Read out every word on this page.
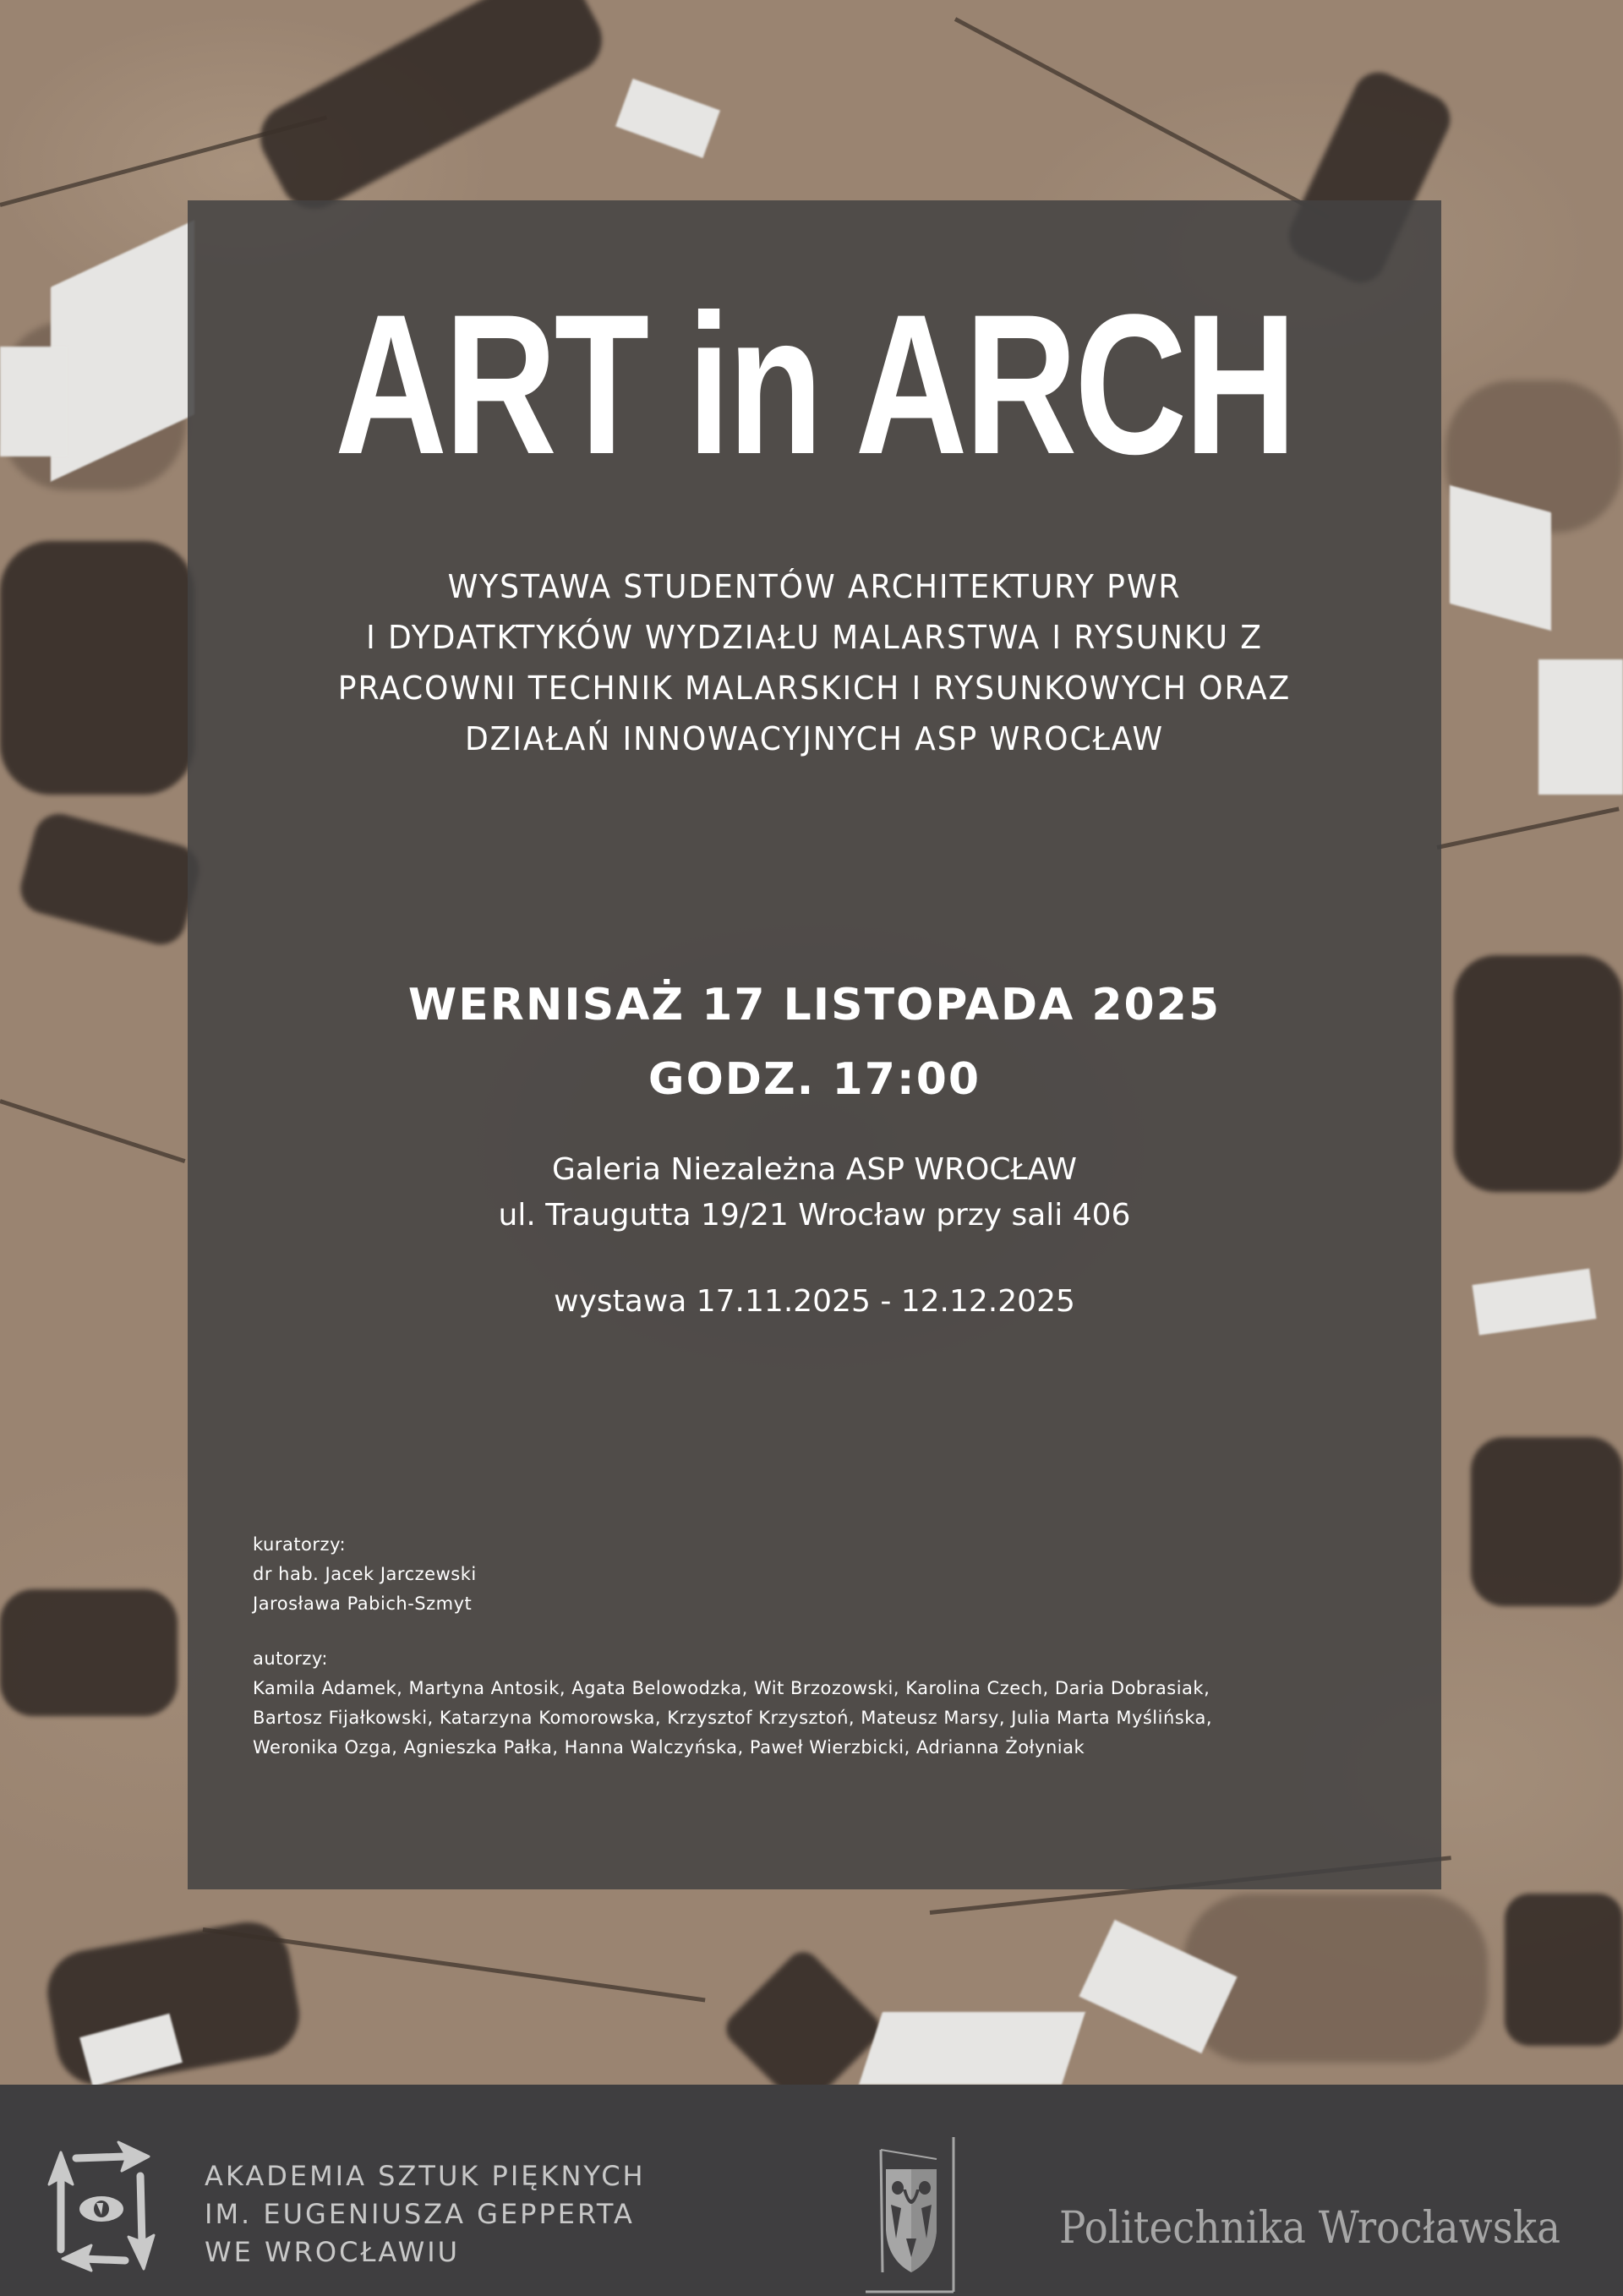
ART in ARCH
WYSTAWA STUDENTÓW ARCHITEKTURY PWR
I DYDATKTYKÓW WYDZIAŁU MALARSTWA I RYSUNKU Z
PRACOWNI TECHNIK MALARSKICH I RYSUNKOWYCH ORAZ
DZIAŁAŃ INNOWACYJNYCH ASP WROCŁAW
WERNISAŻ 17 LISTOPADA 2025
GODZ. 17:00
Galeria Niezależna ASP WROCŁAW
ul. Traugutta 19/21 Wrocław przy sali 406
wystawa 17.11.2025 - 12.12.2025
kuratorzy:
dr hab. Jacek Jarczewski
Jarosława Pabich-Szmyt
autorzy:
Kamila Adamek, Martyna Antosik, Agata Belowodzka, Wit Brzozowski, Karolina Czech, Daria Dobrasiak,
Bartosz Fijałkowski, Katarzyna Komorowska, Krzysztof Krzysztoń, Mateusz Marsy, Julia Marta Myślińska,
Weronika Ozga, Agnieszka Pałka, Hanna Walczyńska, Paweł Wierzbicki, Adrianna Żołyniak
AKADEMIA SZTUK PIĘKNYCH
IM. EUGENIUSZA GEPPERTA
WE WROCŁAWIU	Politechnika Wrocławska
